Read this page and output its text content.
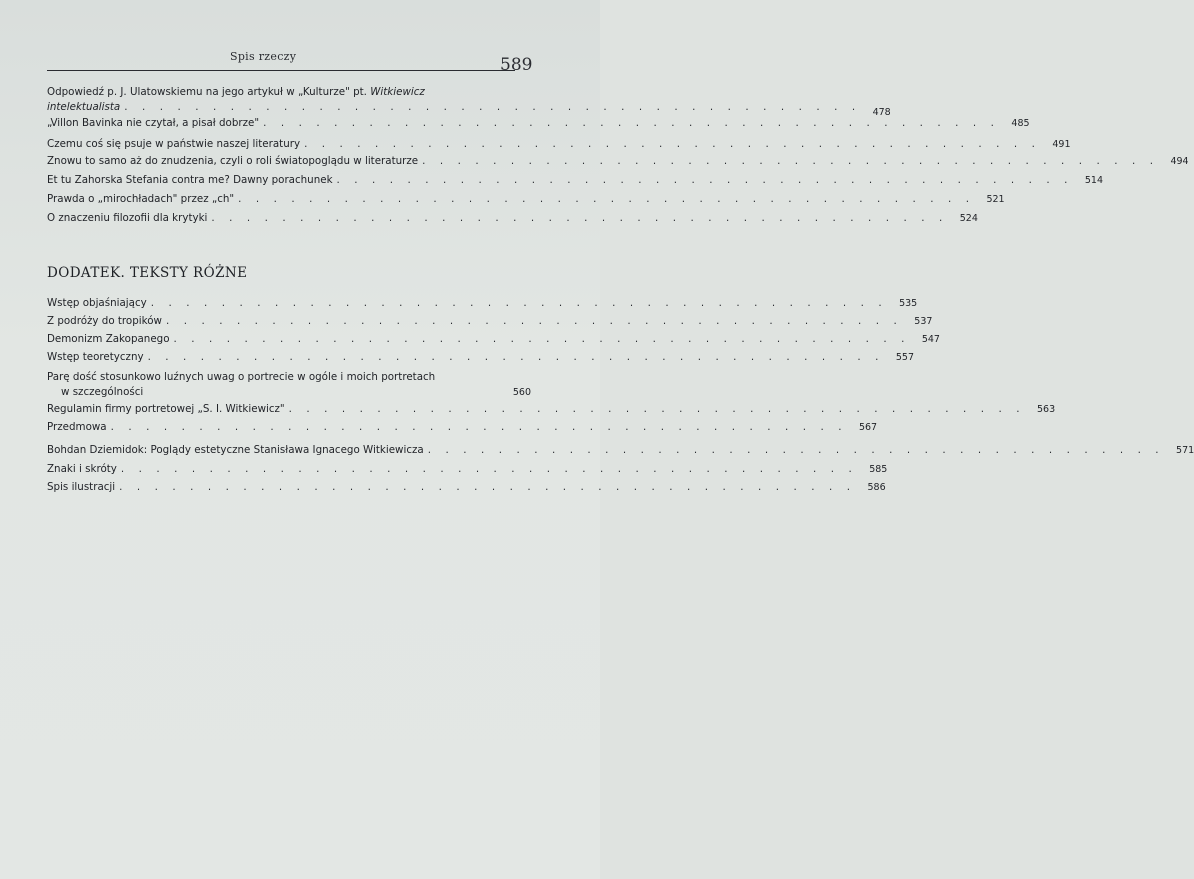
Spis rzeczy	589
Odpowiedź p. J. Ulatowskiemu na jego artykuł w „Kulturze" pt. Witkiewicz
intelektualista . . . . . . . . . . . . . . . . . . . . . . . . . . . . . . . . . . . . . . . . . .	478
„Villon Bavinka nie czytał, a pisał dobrze" . . . . . . . . . . . . . . . . . . . . . . . . . . . . . . . . . . . . . . . . . .	485
Czemu coś się psuje w państwie naszej literatury . . . . . . . . . . . . . . . . . . . . . . . . . . . . . . . . . . . . . . . . . .	491
Znowu to samo aż do znudzenia, czyli o roli światopoglądu w literaturze . . . . . . . . . . . . . . . . . . . . . . . . . . . . . . . . . . . . . . . . . .	494
Et tu Zahorska Stefania contra me? Dawny porachunek . . . . . . . . . . . . . . . . . . . . . . . . . . . . . . . . . . . . . . . . . .	514
Prawda o „mirochładach" przez „ch" . . . . . . . . . . . . . . . . . . . . . . . . . . . . . . . . . . . . . . . . . .	521
O znaczeniu filozofii dla krytyki . . . . . . . . . . . . . . . . . . . . . . . . . . . . . . . . . . . . . . . . . .	524
DODATEK. TEKSTY RÓŻNE
Wstęp objaśniający . . . . . . . . . . . . . . . . . . . . . . . . . . . . . . . . . . . . . . . . . .	535
Z podróży do tropików . . . . . . . . . . . . . . . . . . . . . . . . . . . . . . . . . . . . . . . . . .	537
Demonizm Zakopanego . . . . . . . . . . . . . . . . . . . . . . . . . . . . . . . . . . . . . . . . . .	547
Wstęp teoretyczny . . . . . . . . . . . . . . . . . . . . . . . . . . . . . . . . . . . . . . . . . .	557
Parę dość stosunkowo luźnych uwag o portrecie w ogóle i moich portretach
w szczególności	560
Regulamin firmy portretowej „S. I. Witkiewicz" . . . . . . . . . . . . . . . . . . . . . . . . . . . . . . . . . . . . . . . . . .	563
Przedmowa . . . . . . . . . . . . . . . . . . . . . . . . . . . . . . . . . . . . . . . . . .	567
Bohdan Dziemidok: Poglądy estetyczne Stanisława Ignacego Witkiewicza . . . . . . . . . . . . . . . . . . . . . . . . . . . . . . . . . . . . . . . . . .	571
Znaki i skróty . . . . . . . . . . . . . . . . . . . . . . . . . . . . . . . . . . . . . . . . . .	585
Spis ilustracji . . . . . . . . . . . . . . . . . . . . . . . . . . . . . . . . . . . . . . . . . .	586
